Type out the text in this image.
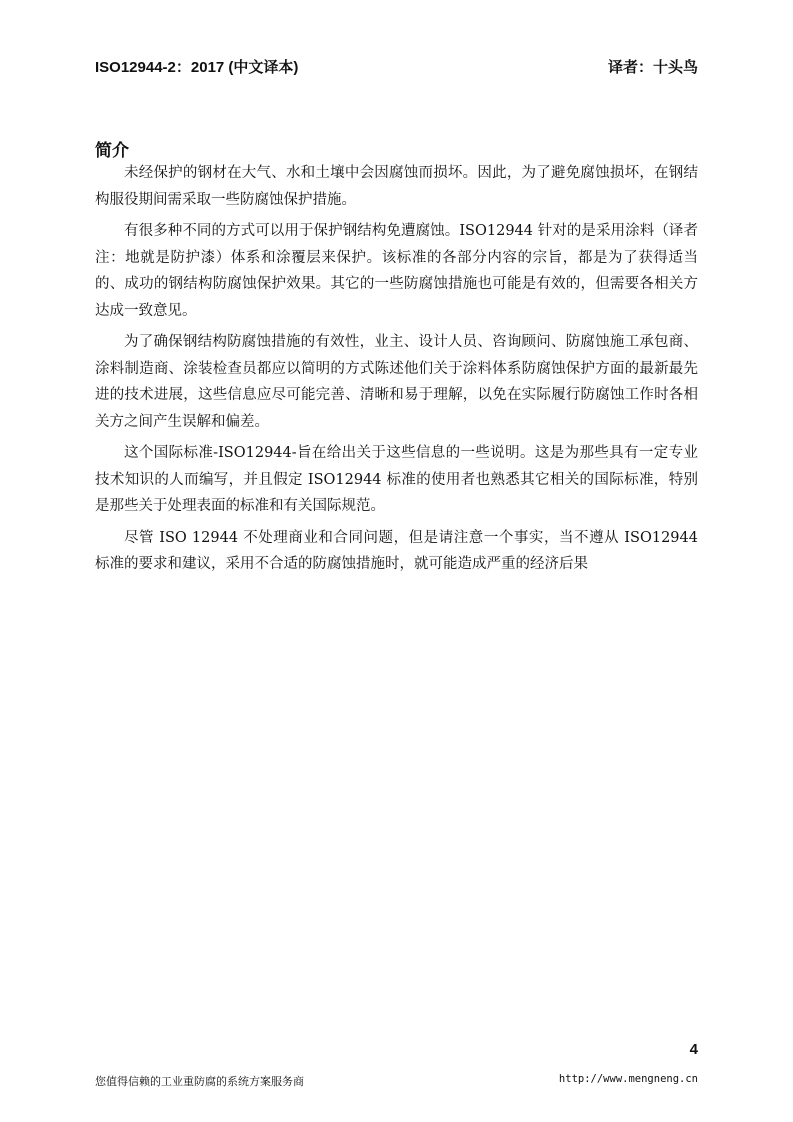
ISO12944-2：2017 (中文译本)	译者：十头鸟
简介

未经保护的钢材在大气、水和土壤中会因腐蚀而损坏。因此，为了避免腐蚀损坏，在钢结构服役期间需采取一些防腐蚀保护措施。

有很多种不同的方式可以用于保护钢结构免遭腐蚀。ISO12944 针对的是采用涂料（译者注：地就是防护漆）体系和涂覆层来保护。该标准的各部分内容的宗旨，都是为了获得适当的、成功的钢结构防腐蚀保护效果。其它的一些防腐蚀措施也可能是有效的，但需要各相关方达成一致意见。

为了确保钢结构防腐蚀措施的有效性，业主、设计人员、咨询顾问、防腐蚀施工承包商、涂料制造商、涂装检查员都应以简明的方式陈述他们关于涂料体系防腐蚀保护方面的最新最先进的技术进展，这些信息应尽可能完善、清晰和易于理解，以免在实际履行防腐蚀工作时各相关方之间产生误解和偏差。

这个国际标准-ISO12944-旨在给出关于这些信息的一些说明。这是为那些具有一定专业技术知识的人而编写，并且假定 ISO12944 标准的使用者也熟悉其它相关的国际标准，特别是那些关于处理表面的标准和有关国际规范。

尽管 ISO 12944 不处理商业和合同问题，但是请注意一个事实，当不遵从 ISO12944 标准的要求和建议，采用不合适的防腐蚀措施时，就可能造成严重的经济后果

4
您值得信赖的工业重防腐的系统方案服务商	http://www.mengneng.cn
